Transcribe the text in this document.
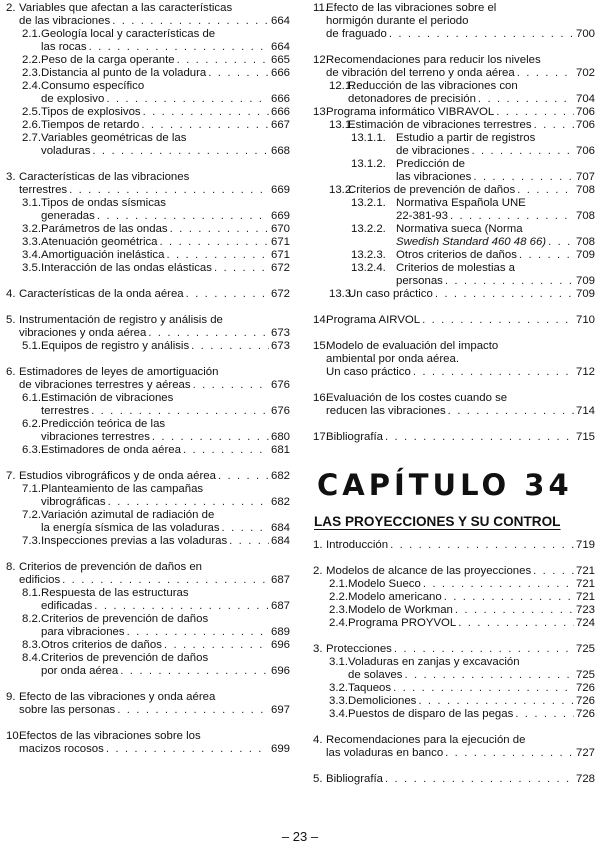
2. Variables que afectan a las características
de las vibraciones . . .	664
2.1. Geología local y características de
las rocas . . .	664
2.2. Peso de la carga operante . . .	665
2.3. Distancia al punto de la voladura . . .	666
2.4. Consumo específico
de explosivo . . .	666
2.5. Tipos de explosivos . . .	666
2.6. Tiempos de retardo . . .	667
2.7. Variables geométricas de las
voladuras . . .	668
3. Características de las vibraciones
terrestres . . .	669
3.1. Tipos de ondas sísmicas
generadas . . .	669
3.2. Parámetros de las ondas . . .	670
3.3. Atenuación geométrica . . .	671
3.4. Amortiguación inelástica . . .	671
3.5. Interacción de las ondas elásticas . . .	672
4. Características de la onda aérea . . .	672
5. Instrumentación de registro y análisis de
vibraciones y onda aérea . . .	673
5.1. Equipos de registro y análisis . . .	673
6. Estimadores de leyes de amortiguación
de vibraciones terrestres y aéreas . . .	676
6.1. Estimación de vibraciones
terrestres . . .	676
6.2. Predicción teórica de las
vibraciones terrestres . . .	680
6.3. Estimadores de onda aérea . . .	681
7. Estudios vibrográficos y de onda aérea . . .	682
7.1. Planteamiento de las campañas
vibrográficas . . .	682
7.2. Variación azimutal de radiación de
la energía sísmica de las voladuras . . .	684
7.3. Inspecciones previas a las voladuras . . .	684
8. Criterios de prevención de daños en
edificios . . .	687
8.1. Respuesta de las estructuras
edificadas . . .	687
8.2. Criterios de prevención de daños
para vibraciones . . .	689
8.3. Otros criterios de daños . . .	696
8.4. Criterios de prevención de daños
por onda aérea . . .	696
9. Efecto de las vibraciones y onda aérea
sobre las personas . . .	697
10.
Efectos de las vibraciones sobre los
macizos rocosos . . .	699
11.
Efecto de las vibraciones sobre el
hormigón durante el periodo
de fraguado . . .	700
12.
Recomendaciones para reducir los niveles
de vibración del terreno y onda aérea . . .	702
12.1.
Reducción de las vibraciones con
detonadores de precisión . . .	704
13.
Programa informático VIBRAVOL . . .	706
13.1.
Estimación de vibraciones terrestres . . .	706
13.1.1. Estudio a partir de registros
de vibraciones . . .	706
13.1.2. Predicción de
las vibraciones . . .	707
13.2.
Criterios de prevención de daños . . .	708
13.2.1. Normativa Española UNE
22-381-93 . . .	708
13.2.2. Normativa sueca (Norma
Swedish Standard 460 48 66) . . .	708
13.2.3. Otros criterios de daños . . .	709
13.2.4. Criterios de molestias a
personas . . .	709
13.3.
Un caso práctico . . .	709
14.
Programa AIRVOL . . .	710
15.
Modelo de evaluación del impacto
ambiental por onda aérea.
Un caso práctico . . .	712
16.
Evaluación de los costes cuando se
reducen las vibraciones . . .	714
17.
Bibliografía . . .	715
CAPÍTULO 34
LAS PROYECCIONES Y SU CONTROL
1. Introducción . . .	719
2. Modelos de alcance de las proyecciones . . .	721
2.1. Modelo Sueco . . .	721
2.2. Modelo americano . . .	721
2.3. Modelo de Workman . . .	723
2.4. Programa PROYVOL . . .	724
3. Protecciones . . .	725
3.1. Voladuras en zanjas y excavación
de solaves . . .	725
3.2. Taqueos . . .	726
3.3. Demoliciones . . .	726
3.4. Puestos de disparo de las pegas . . .	726
4. Recomendaciones para la ejecución de
las voladuras en banco . . .	727
5. Bibliografía . . .	728
– 23 –
